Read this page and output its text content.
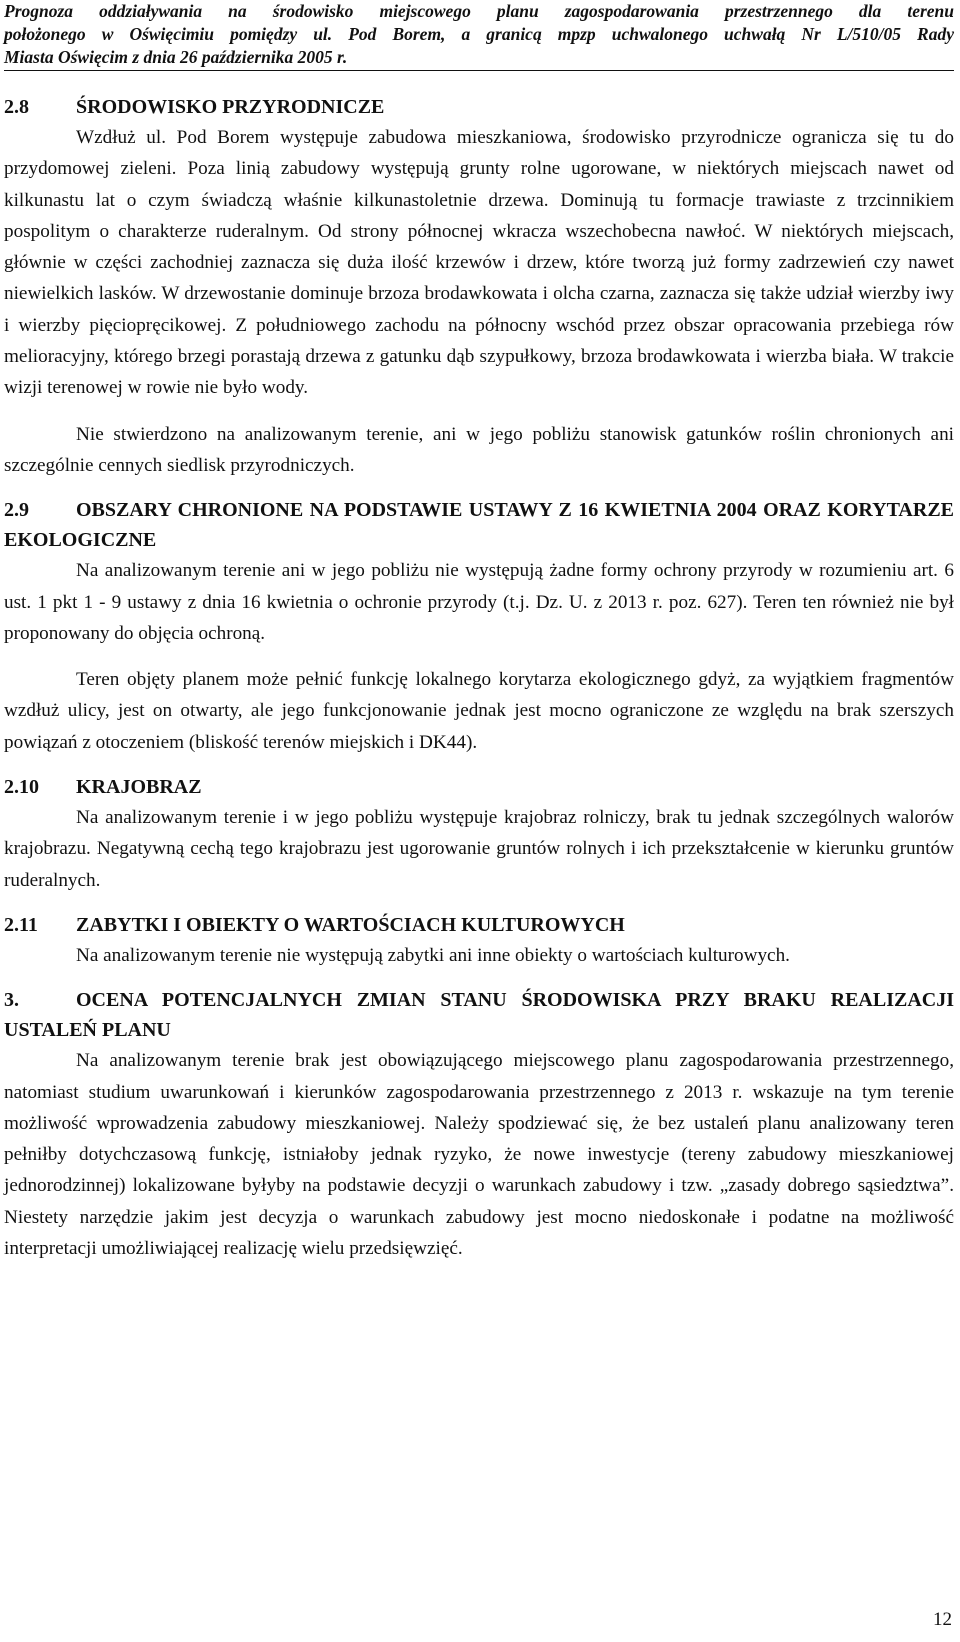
Prognoza oddziaływania na środowisko miejscowego planu zagospodarowania przestrzennego dla terenu
położonego w Oświęcimiu pomiędzy ul. Pod Borem, a granicą mpzp uchwalonego uchwałą Nr L/510/05 Rady
Miasta Oświęcim z dnia 26 października 2005 r.
2.8	ŚRODOWISKO PRZYRODNICZE

Wzdłuż ul. Pod Borem występuje zabudowa mieszkaniowa, środowisko przyrodnicze ogranicza się tu do przydomowej zieleni. Poza linią zabudowy występują grunty rolne ugorowane, w niektórych miejscach nawet od kilkunastu lat o czym świadczą właśnie kilkunastoletnie drzewa. Dominują tu formacje trawiaste z trzcinnikiem pospolitym o charakterze ruderalnym. Od strony północnej wkracza wszechobecna nawłoć. W niektórych miejscach, głównie w części zachodniej zaznacza się duża ilość krzewów i drzew, które tworzą już formy zadrzewień czy nawet niewielkich lasków. W drzewostanie dominuje brzoza brodawkowata i olcha czarna, zaznacza się także udział wierzby iwy i wierzby pięciopręcikowej. Z południowego zachodu na północny wschód przez obszar opracowania przebiega rów melioracyjny, którego brzegi porastają drzewa z gatunku dąb szypułkowy, brzoza brodawkowata i wierzba biała. W trakcie wizji terenowej w rowie nie było wody.

Nie stwierdzono na analizowanym terenie, ani w jego pobliżu stanowisk gatunków roślin chronionych ani szczególnie cennych siedlisk przyrodniczych.

2.9 OBSZARY CHRONIONE NA PODSTAWIE USTAWY Z 16 KWIETNIA 2004 ORAZ KORYTARZE EKOLOGICZNE

Na analizowanym terenie ani w jego pobliżu nie występują żadne formy ochrony przyrody w rozumieniu art. 6 ust. 1 pkt 1 - 9 ustawy z dnia 16 kwietnia o ochronie przyrody (t.j. Dz. U. z 2013 r. poz. 627). Teren ten również nie był proponowany do objęcia ochroną.

Teren objęty planem może pełnić funkcję lokalnego korytarza ekologicznego gdyż, za wyjątkiem fragmentów wzdłuż ulicy, jest on otwarty, ale jego funkcjonowanie jednak jest mocno ograniczone ze względu na brak szerszych powiązań z otoczeniem (bliskość terenów miejskich i DK44).

2.10	KRAJOBRAZ

Na analizowanym terenie i w jego pobliżu występuje krajobraz rolniczy, brak tu jednak szczególnych walorów krajobrazu. Negatywną cechą tego krajobrazu jest ugorowanie gruntów rolnych i ich przekształcenie w kierunku gruntów ruderalnych.

2.11	ZABYTKI I OBIEKTY O WARTOŚCIACH KULTUROWYCH

Na analizowanym terenie nie występują zabytki ani inne obiekty o wartościach kulturowych.

3.	OCENA POTENCJALNYCH ZMIAN STANU ŚRODOWISKA PRZY BRAKU REALIZACJI USTALEŃ PLANU

Na analizowanym terenie brak jest obowiązującego miejscowego planu zagospodarowania przestrzennego, natomiast studium uwarunkowań i kierunków zagospodarowania przestrzennego z 2013 r. wskazuje na tym terenie możliwość wprowadzenia zabudowy mieszkaniowej. Należy spodziewać się, że bez ustaleń planu analizowany teren pełniłby dotychczasową funkcję, istniałoby jednak ryzyko, że nowe inwestycje (tereny zabudowy mieszkaniowej jednorodzinnej) lokalizowane byłyby na podstawie decyzji o warunkach zabudowy i tzw. „zasady dobrego sąsiedztwa”. Niestety narzędzie jakim jest decyzja o warunkach zabudowy jest mocno niedoskonałe i podatne na możliwość interpretacji umożliwiającej realizację wielu przedsięwzięć.

12
